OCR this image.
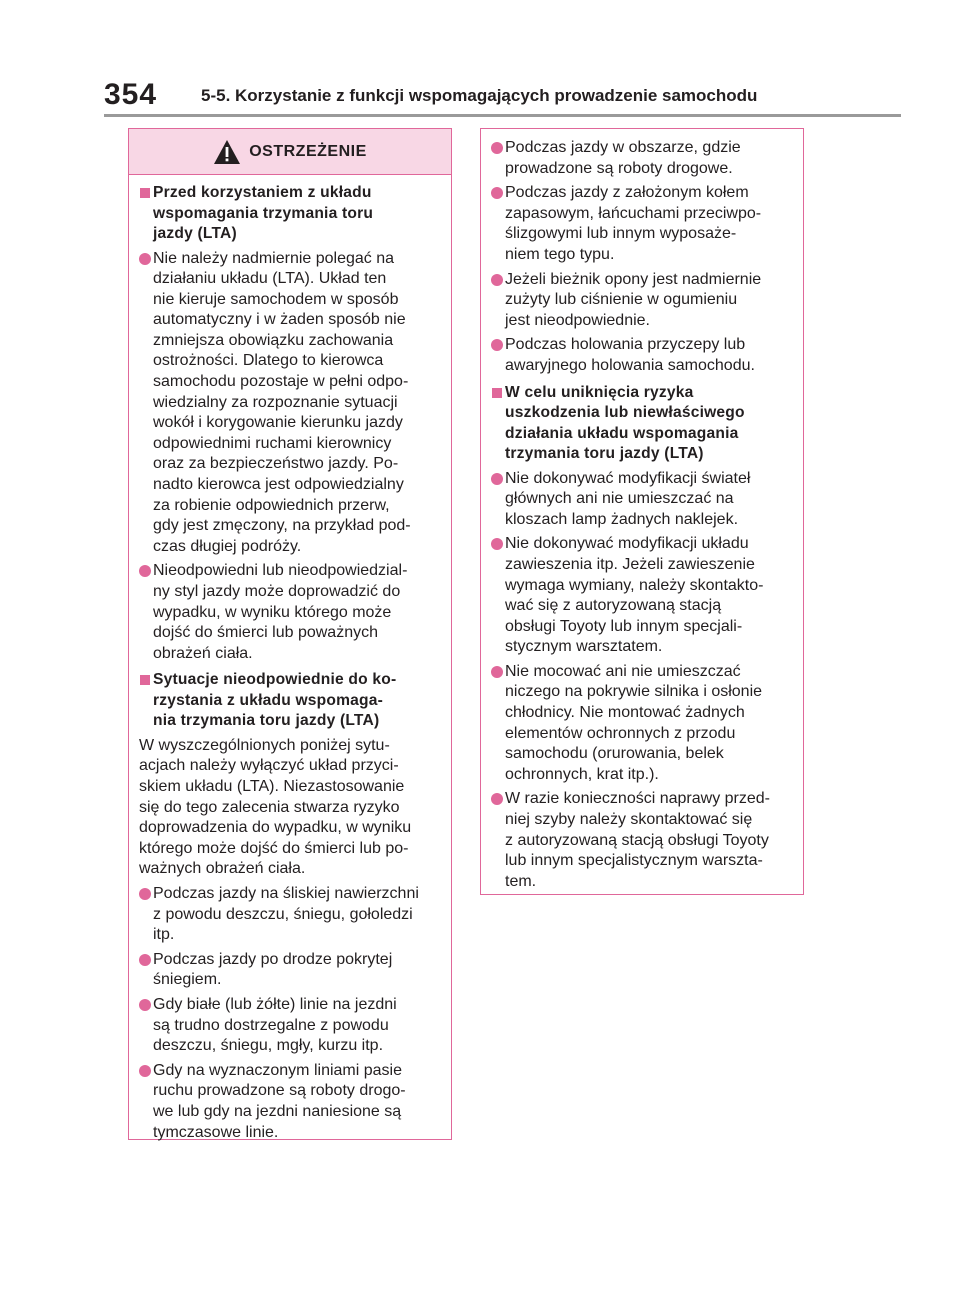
354	5-5. Korzystanie z funkcji wspomagających prowadzenie samochodu
OSTRZEŻENIE
Przed korzystaniem z układu
wspomagania trzymania toru
jazdy (LTA)
Nie należy nadmiernie polegać na
działaniu układu (LTA). Układ ten
nie kieruje samochodem w sposób
automatyczny i w żaden sposób nie
zmniejsza obowiązku zachowania
ostrożności. Dlatego to kierowca
samochodu pozostaje w pełni odpo-
wiedzialny za rozpoznanie sytuacji
wokół i korygowanie kierunku jazdy
odpowiednimi ruchami kierownicy
oraz za bezpieczeństwo jazdy. Po-
nadto kierowca jest odpowiedzialny
za robienie odpowiednich przerw,
gdy jest zmęczony, na przykład pod-
czas długiej podróży.
Nieodpowiedni lub nieodpowiedzial-
ny styl jazdy może doprowadzić do
wypadku, w wyniku którego może
dojść do śmierci lub poważnych
obrażeń ciała.
Sytuacje nieodpowiednie do ko-
rzystania z układu wspomaga-
nia trzymania toru jazdy (LTA)
W wyszczególnionych poniżej sytu-
acjach należy wyłączyć układ przyci-
skiem układu (LTA). Niezastosowanie
się do tego zalecenia stwarza ryzyko
doprowadzenia do wypadku, w wyniku
którego może dojść do śmierci lub po-
ważnych obrażeń ciała.
Podczas jazdy na śliskiej nawierzchni
z powodu deszczu, śniegu, gołoledzi
itp.
Podczas jazdy po drodze pokrytej
śniegiem.
Gdy białe (lub żółte) linie na jezdni
są trudno dostrzegalne z powodu
deszczu, śniegu, mgły, kurzu itp.
Gdy na wyznaczonym liniami pasie
ruchu prowadzone są roboty drogo-
we lub gdy na jezdni naniesione są
tymczasowe linie.
Podczas jazdy w obszarze, gdzie
prowadzone są roboty drogowe.
Podczas jazdy z założonym kołem
zapasowym, łańcuchami przeciwpo-
ślizgowymi lub innym wyposaże-
niem tego typu.
Jeżeli bieżnik opony jest nadmiernie
zużyty lub ciśnienie w ogumieniu
jest nieodpowiednie.
Podczas holowania przyczepy lub
awaryjnego holowania samochodu.
W celu uniknięcia ryzyka
uszkodzenia lub niewłaściwego
działania układu wspomagania
trzymania toru jazdy (LTA)
Nie dokonywać modyfikacji świateł
głównych ani nie umieszczać na
kloszach lamp żadnych naklejek.
Nie dokonywać modyfikacji układu
zawieszenia itp. Jeżeli zawieszenie
wymaga wymiany, należy skontakto-
wać się z autoryzowaną stacją
obsługi Toyoty lub innym specjali-
stycznym warsztatem.
Nie mocować ani nie umieszczać
niczego na pokrywie silnika i osłonie
chłodnicy. Nie montować żadnych
elementów ochronnych z przodu
samochodu (orurowania, belek
ochronnych, krat itp.).
W razie konieczności naprawy przed-
niej szyby należy skontaktować się
z autoryzowaną stacją obsługi Toyoty
lub innym specjalistycznym warszta-
tem.
